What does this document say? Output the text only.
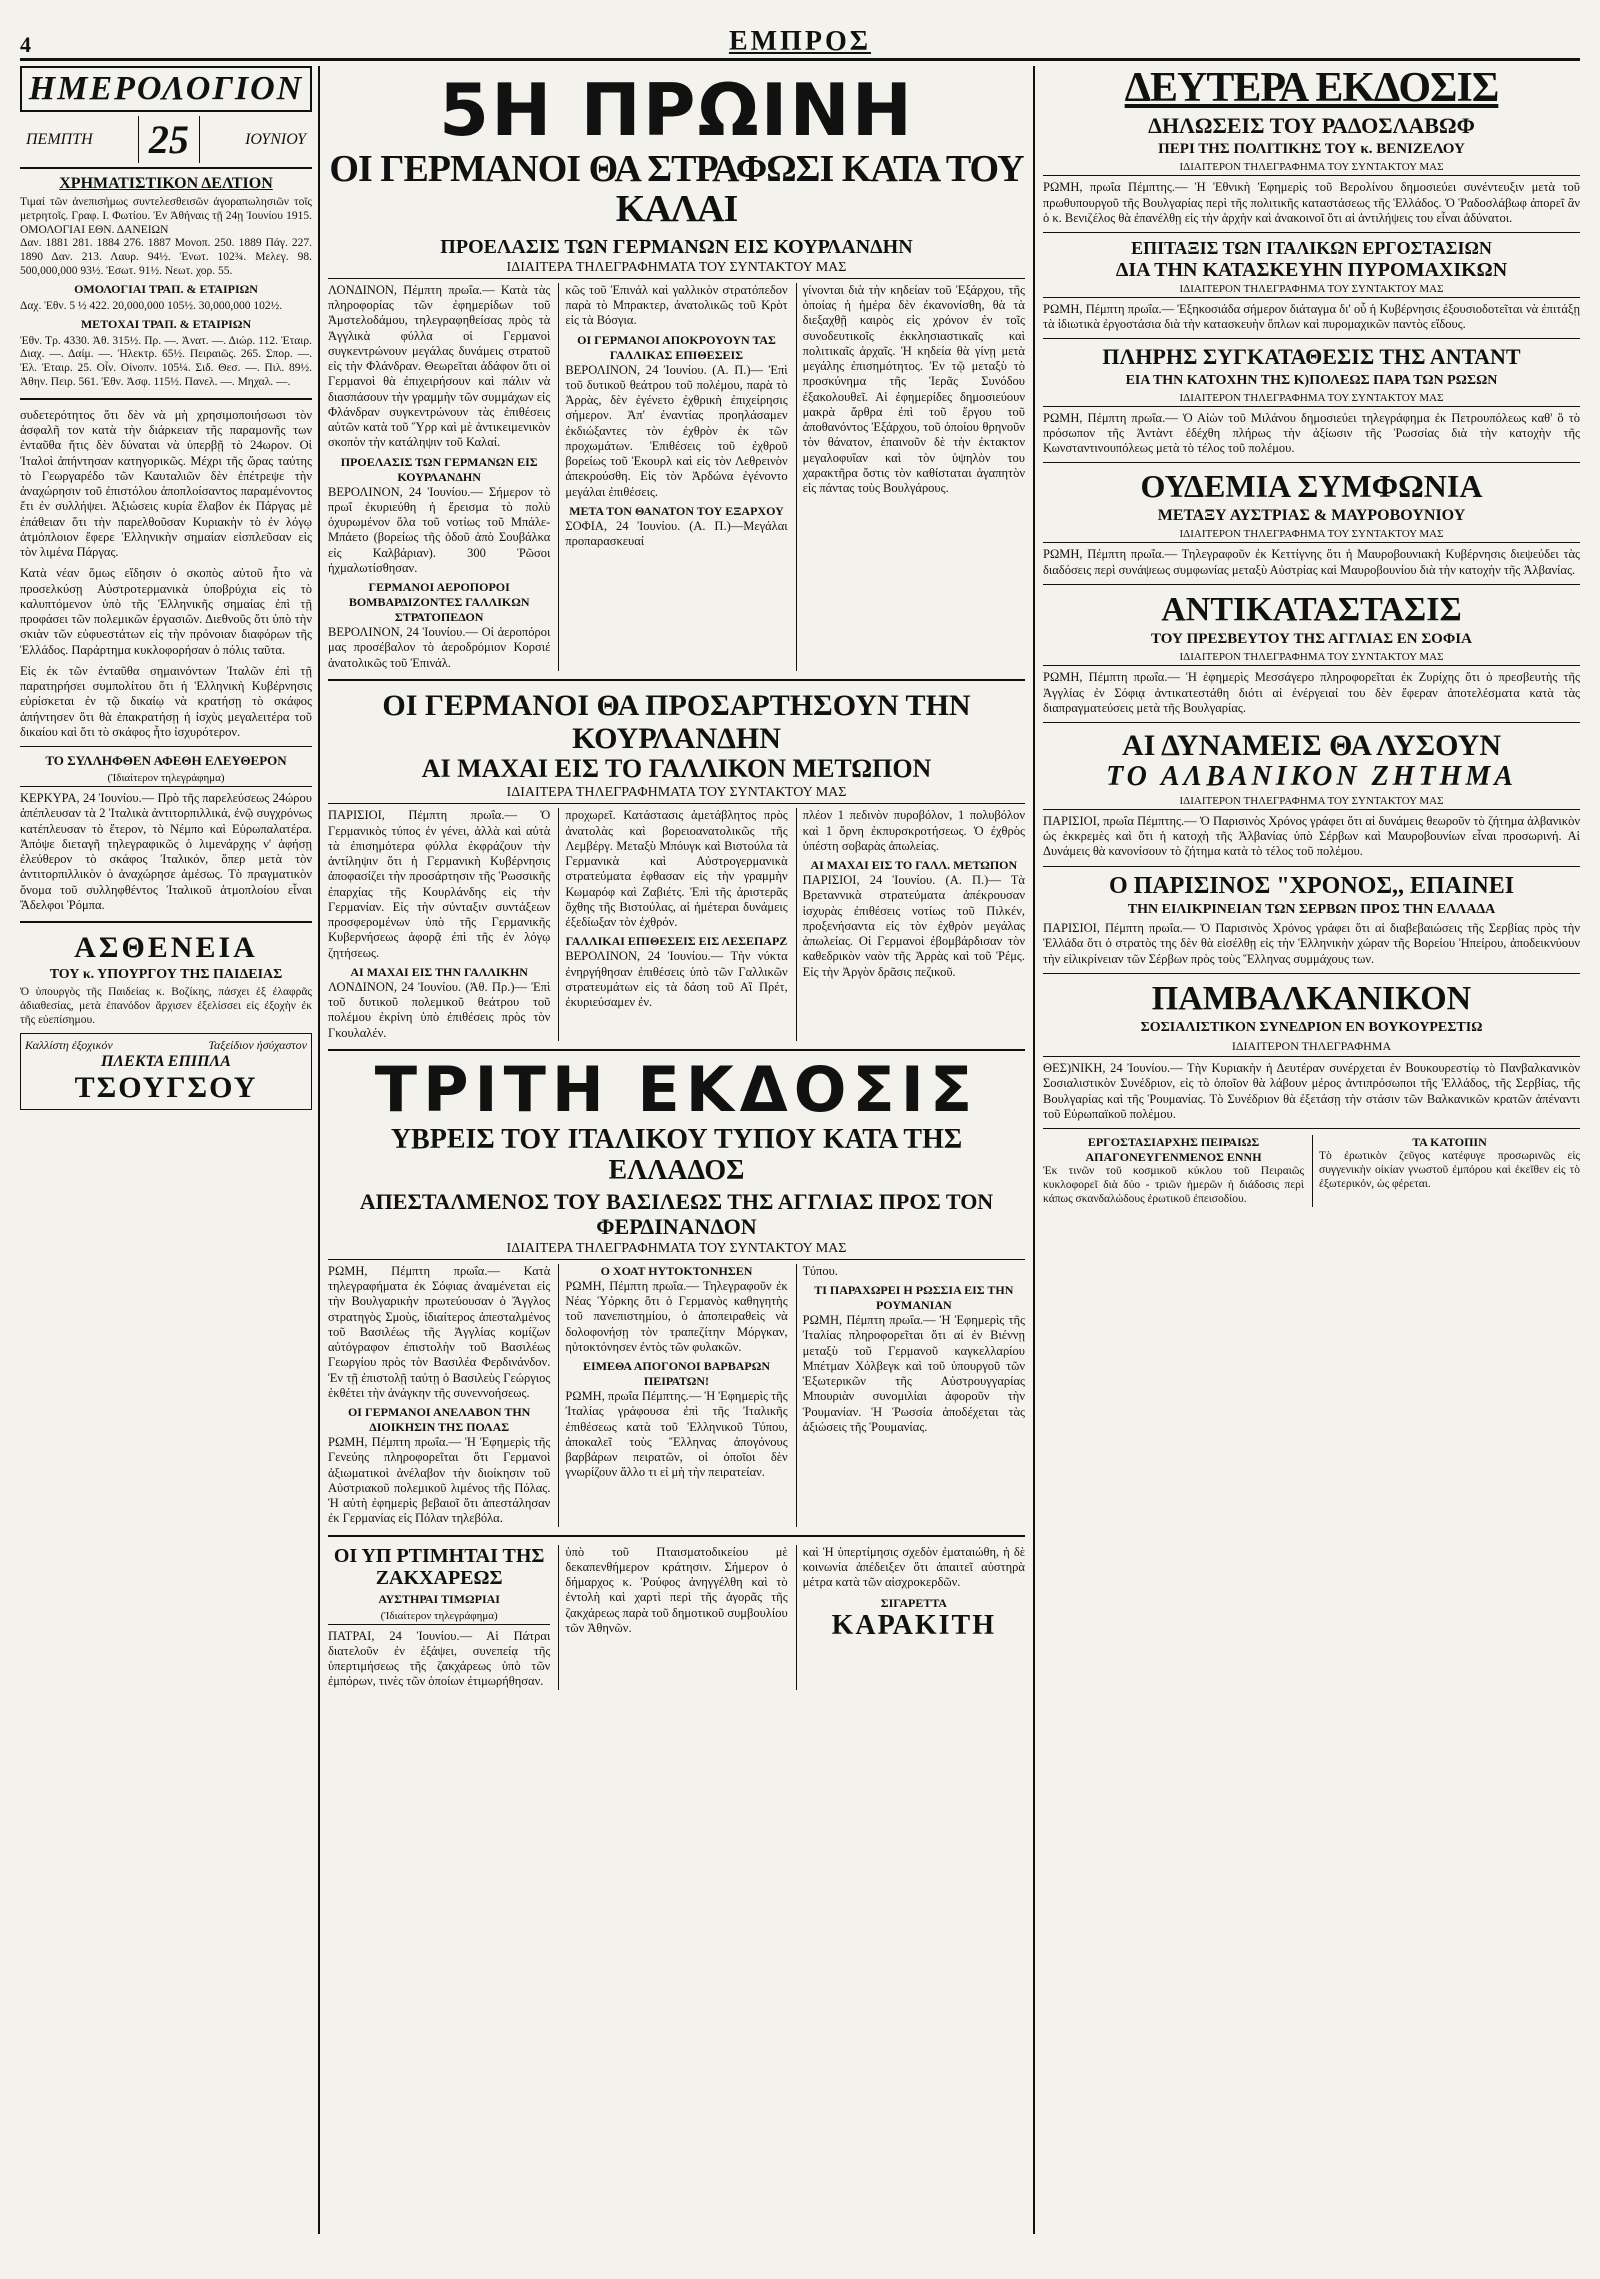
4	ΕΜΠΡΟΣ
ΗΜΕΡΟΛΟΓΙΟΝ
ΠΕΜΠΤΗ 25	ΙΟΥΝΙΟΥ
ΧΡΗΜΑΤΙΣΤΙΚΟΝ ΔΕΛΤΙΟΝ
Τιμαί τῶν ἀνεπισήμως συντελεσθεισῶν ἀγοραπωλησιῶν τοῖς μετρητοῖς. Γραφ. Ι. Φωτίου. Ἐν Ἀθήναις τῇ 24ῃ Ἰουνίου 1915. ΟΜΟΛΟΓΙΑΙ ΕΘΝ. ΔΑΝΕΙΩΝ
Δαν. 1881 281. 1884 276. 1887 Μονοπ. 250. 1889 Πάγ. 227. 1890 Δαν. 213. Λαυρ. 94½. Ἑνωτ. 102¾. Μελεγ. 98. 500,000,000 93½. Ἐσωτ. 91½. Νεωτ. χορ. 55.
ΟΜΟΛΟΓΙΑΙ ΤΡΑΠ. & ΕΤΑΙΡΙΩΝ
Δαχ. Ἐθν. 5 ½ 422. 20,000,000 105½. 30,000,000 102½.
ΜΕΤΟΧΑΙ ΤΡΑΠ. & ΕΤΑΙΡΙΩΝ
Ἐθν. Τρ. 4330. Ἀθ. 315½. Πρ. —. Ἀνατ. —. Διώρ. 112. Ἐταιρ. Διαχ. —. Δαίμ. —. Ἠλεκτρ. 65½. Πειραιῶς. 265. Σπορ. —. Ἐλ. Ἐταιρ. 25. Οἶν. Οἰνοπν. 105¼. Σιδ. Θεσ. —. Πιλ. 89½. Ἀθην. Πειρ. 561. Ἐθν. Ἀσφ. 115½. Πανελ. —. Μηχαλ. —.
συδετερότητος ὅτι δὲν νὰ μὴ χρησιμοποιήσωσι τὸν ἀσφαλῆ τον κατὰ τὴν διάρκειαν τῆς παραμονῆς των ἐνταῦθα ἥτις δὲν δύναται νὰ ὑπερβῇ τὸ 24ωρον. Οἱ Ἰταλοὶ ἀπήντησαν κατηγορικῶς. Μέχρι τῆς ὥρας ταύτης τὸ Γεωργαρέδο τῶν Καυταλιῶν δὲν ἐπέτρεψε τὴν ἀναχώρησιν τοῦ ἐπιστόλου ἀποπλοίσαντος παραμένοντος ἔτι ἐν συλλήψει. Ἀξιώσεις κυρία ἔλαβον ἐκ Πάργας μὲ ἐπάθειαν ὅτι τὴν παρελθοῦσαν Κυριακὴν τὸ ἐν λόγῳ ἀτμόπλοιον ἔφερε Ἑλληνικὴν σημαίαν εἰσπλεῦσαν εἰς τὸν λιμένα Πάργας.
Κατὰ νέαν ὅμως εἴδησιν ὁ σκοπὸς αὐτοῦ ἦτο νὰ προσελκύσῃ Αὐστροτερμανικὰ ὑποβρύχια εἰς τὸ καλυπτόμενον ὑπὸ τῆς Ἑλληνικῆς σημαίας ἐπὶ τῇ προφάσει τῶν πολεμικῶν ἐργασιῶν. Διεθνοῦς ὅτι ὑπὸ τὴν σκιὰν τῶν εὐφυεστάτων εἰς τὴν πρόνοιαν διαφόρων τῆς Ἑλλάδος. Παράρτημα κυκλοφορήσαν ὁ πόλις ταῦτα.
Εἰς ἐκ τῶν ἐνταῦθα σημαινόντων Ἰταλῶν ἐπὶ τῇ παρατηρήσει συμπολίτου ὅτι ἡ Ἑλληνικὴ Κυβέρνησις εὑρίσκεται ἐν τῷ δικαίῳ νὰ κρατήσῃ τὸ σκάφος ἀπήντησεν ὅτι θὰ ἐπακρατήσῃ ἡ ἰσχὺς μεγαλειτέρα τοῦ δικαίου καὶ ὅτι τὸ σκάφος ἦτο ἰσχυρότερον.
ΤΟ ΣΥΛΛΗΦΘΕΝ ΑΦΕΘΗ ΕΛΕΥΘΕΡΟΝ
(Ἰδιαίτερον τηλεγράφημα)
ΚΕΡΚΥΡΑ, 24 Ἰουνίου.— Πρὸ τῆς παρελεύσεως 24ώρου ἀπέπλευσαν τὰ 2 Ἰταλικὰ ἀντιτορπιλλικά, ἐνῷ συγχρόνως κατέπλευσαν τὸ ἕτερον, τὸ Νέμπο καὶ Εὐρωπαλατέρα. Ἀπόψε διεταγῆ τηλεγραφικῶς ὁ λιμενάρχης ν' ἀφήσῃ ἐλεύθερον τὸ σκάφος Ἰταλικόν, ὅπερ μετὰ τὸν ἀντιτορπιλλικὸν ὁ ἀναχώρησε ἀμέσως. Τὸ πραγματικὸν ὄνομα τοῦ συλληφθέντος Ἰταλικοῦ ἀτμοπλοίου εἶναι Ἄδελφοι Ῥόμπα.
ΑΣΘΕΝΕΙΑ
ΤΟΥ κ. ΥΠΟΥΡΓΟΥ ΤΗΣ ΠΑΙΔΕΙΑΣ
Ὁ ὑπουργὸς τῆς Παιδείας κ. Βοζίκης, πάσχει ἐξ ἐλαφρᾶς ἀδιαθεσίας, μετὰ ἐπανόδον ἄρχισεν ἐξελίσσει εἰς ἐξοχὴν ἐκ τῆς εὐεπίσημου.
Καλλίστη ἐξοχικόν	Ταξείδιον ἡσύχαστον
ΠΛΕΚΤΑ ΕΠΙΠΛΑ
ΤΣΟΥΓΣΟΥ
5Η ΠΡΩΙΝΗ
ΟΙ ΓΕΡΜΑΝΟΙ ΘΑ ΣΤΡΑΦΩΣΙ ΚΑΤΑ ΤΟΥ ΚΑΛΑΙ
ΠΡΟΕΛΑΣΙΣ ΤΩΝ ΓΕΡΜΑΝΩΝ ΕΙΣ ΚΟΥΡΛΑΝΔΗΝ
ΙΔΙΑΙΤΕΡΑ ΤΗΛΕΓΡΑΦΗΜΑΤΑ ΤΟΥ ΣΥΝΤΑΚΤΟΥ ΜΑΣ
ΛΟΝΔΙΝΟΝ, Πέμπτη πρωΐα.— Κατὰ τὰς πληροφορίας τῶν ἐφημερίδων τοῦ Ἀμστελοδάμου, τηλεγραφηθείσας πρὸς τὰ Ἀγγλικὰ φύλλα οἱ Γερμανοὶ συγκεντρώνουν μεγάλας δυνάμεις στρατοῦ εἰς τὴν Φλάνδραν. Θεωρεῖται ἀδάφον ὅτι οἱ Γερμανοὶ θὰ ἐπιχειρήσουν καὶ πάλιν νὰ διασπάσουν τὴν γραμμὴν τῶν συμμάχων εἰς Φλάνδραν συγκεντρώνουν τὰς ἐπιθέσεις αὐτῶν κατὰ τοῦ Ὕρρ καὶ μὲ ἀντικειμενικὸν σκοπὸν τὴν κατάληψιν τοῦ Καλαί.
ΠΡΟΕΛΑΣΙΣ ΤΩΝ ΓΕΡΜΑΝΩΝ ΕΙΣ ΚΟΥΡΛΑΝΔΗΝ
ΒΕΡΟΛΙΝΟΝ, 24 Ἰουνίου.— Σήμερον τὸ πρωΐ ἐκυριεύθη ἡ ἔρεισμα τὸ πολὺ ὀχυρωμένον ὅλα τοῦ νοτίως τοῦ Μπάλε-Μπάετο (βορείως τῆς ὁδοῦ ἀπὸ Σουβάλκα εἰς Καλβάριαν). 300 Ῥῶσοι ἠχμαλωτίσθησαν.
ΓΕΡΜΑΝΟΙ ΑΕΡΟΠΟΡΟΙ ΒΟΜΒΑΡΔΙΖΟΝΤΕΣ ΓΑΛΛΙΚΩΝ ΣΤΡΑΤΟΠΕΔΟΝ
ΒΕΡΟΛΙΝΟΝ, 24 Ἰουνίου.— Οἱ ἀεροπόροι μας προσέβαλον τὸ ἀεροδρόμιον Κορσιέ ἀνατολικῶς τοῦ Ἐπινάλ.
κῶς τοῦ Ἐπινάλ καὶ γαλλικὸν στρατόπεδον παρὰ τὸ Μπρακτερ, ἀνατολικῶς τοῦ Κρὸτ εἰς τὰ Βόσγια.
ΟΙ ΓΕΡΜΑΝΟΙ ΑΠΟΚΡΟΥΟΥΝ ΤΑΣ ΓΑΛΛΙΚΑΣ ΕΠΙΘΕΣΕΙΣ
ΒΕΡΟΛΙΝΟΝ, 24 Ἰουνίου. (Α. Π.)— Ἐπὶ τοῦ δυτικοῦ θεάτρου τοῦ πολέμου, παρὰ τὸ Ἀρρὰς, δὲν ἐγένετο ἐχθρικὴ ἐπιχείρησις σήμερον. Ἀπ' ἐναντίας προηλάσαμεν ἐκδιώξαντες τὸν ἐχθρὸν ἐκ τῶν προχωμάτων. Ἐπιθέσεις τοῦ ἐχθροῦ βορείως τοῦ Ἐκουρλ καὶ εἰς τὸν Λεθρεινὸν ἀπεκρούσθη. Εἰς τὸν Ἀρδώνα ἐγένοντο μεγάλαι ἐπιθέσεις.
ΜΕΤΑ ΤΟΝ ΘΑΝΑΤΟΝ ΤΟΥ ΕΞΑΡΧΟΥ
ΣΟΦΙΑ, 24 Ἰουνίου. (Α. Π.)—Μεγάλαι προπαρασκευαί
γίνονται διὰ τὴν κηδείαν τοῦ Ἐξάρχου, τῆς ὁποίας ἡ ἡμέρα δὲν ἐκανονίσθη, θὰ τὰ διεξαχθῇ καιρὸς εἰς χρόνον ἐν τοῖς συνοδευτικοῖς ἐκκλησιαστικαῖς καὶ πολιτικαῖς ἀρχαῖς. Ἡ κηδεία θὰ γίνῃ μετὰ μεγάλης ἐπισημότητος. Ἐν τῷ μεταξὺ τὸ προσκύνημα τῆς Ἱερᾶς Συνόδου ἐξακολουθεῖ. Αἱ ἐφημερίδες δημοσιεύουν μακρὰ ἄρθρα ἐπὶ τοῦ ἔργου τοῦ ἀποθανόντος Ἐξάρχου, τοῦ ὁποίου θρηνοῦν τὸν θάνατον, ἐπαινοῦν δὲ τὴν ἐκτακτον μεγαλοφυΐαν καὶ τὸν ὑψηλὸν του χαρακτῆρα ὅστις τὸν καθίσταται ἀγαπητὸν εἰς πάντας τοὺς Βουλγάρους.
ΟΙ ΓΕΡΜΑΝΟΙ ΘΑ ΠΡΟΣΑΡΤΗΣΟΥΝ ΤΗΝ ΚΟΥΡΛΑΝΔΗΝ
ΑΙ ΜΑΧΑΙ ΕΙΣ ΤΟ ΓΑΛΛΙΚΟΝ ΜΕΤΩΠΟΝ
ΙΔΙΑΙΤΕΡΑ ΤΗΛΕΓΡΑΦΗΜΑΤΑ ΤΟΥ ΣΥΝΤΑΚΤΟΥ ΜΑΣ
ΠΑΡΙΣΙΟΙ, Πέμπτη πρωΐα.— Ὁ Γερμανικὸς τύπος ἐν γένει, ἀλλὰ καὶ αὐτὰ τὰ ἐπισημότερα φύλλα ἐκφράζουν τὴν ἀντίληψιν ὅτι ἡ Γερμανικὴ Κυβέρνησις ἀποφασίζει τὴν προσάρτησιν τῆς Ῥωσσικῆς ἐπαρχίας τῆς Κουρλάνδης εἰς τὴν Γερμανίαν. Εἰς τὴν σύνταξιν συντάξεων προσφερομένων ὑπὸ τῆς Γερμανικῆς Κυβερνήσεως ἀφορᾷ ἐπὶ τῆς ἐν λόγῳ ζητήσεως.
ΑΙ ΜΑΧΑΙ ΕΙΣ ΤΗΝ ΓΑΛΛΙΚΗΝ
ΛΟΝΔΙΝΟΝ, 24 Ἰουνίου. (Ἀθ. Πρ.)— Ἐπὶ τοῦ δυτικοῦ πολεμικοῦ θεάτρου τοῦ πολέμου ἐκρίνη ὑπὸ ἐπιθέσεις πρὸς τὸν Γκουλαλέν.
προχωρεῖ. Κατάστασις ἀμετάβλητος πρὸς ἀνατολὰς καὶ βορειοανατολικῶς τῆς Λεμβέργ. Μεταξὺ Μπόυγκ καὶ Βιστούλα τὰ Γερμανικὰ καὶ Αὐστρογερμανικὰ στρατεύματα ἐφθασαν εἰς τὴν γραμμὴν Κωμαρόφ καὶ Ζαβιέτς. Ἐπὶ τῆς ἀριστερᾶς ὄχθης τῆς Βιστούλας, αἱ ἡμέτεραι δυνάμεις ἐξεδίωξαν τὸν ἐχθρόν.
ΓΑΛΛΙΚΑΙ ΕΠΙΘΕΣΕΙΣ ΕΙΣ ΛΕΣΕΠΑΡΖ
ΒΕΡΟΛΙΝΟΝ, 24 Ἰουνίου.— Τὴν νύκτα ἐνηργήθησαν ἐπιθέσεις ὑπὸ τῶν Γαλλικῶν στρατευμάτων εἰς τὰ δάση τοῦ Αἲ Πρέτ, ἐκυριεύσαμεν ἐν.
πλέον 1 πεδινὸν πυροβόλον, 1 πολυβόλον καὶ 1 ὄρνη ἐκπυρσκροτήσεως. Ὁ ἐχθρὸς ὑπέστη σοβαρὰς ἀπωλείας.
ΑΙ ΜΑΧΑΙ ΕΙΣ ΤΟ ΓΑΛΛ. ΜΕΤΩΠΟΝ
ΠΑΡΙΣΙΟΙ, 24 Ἰουνίου. (Α. Π.)— Τὰ Βρεταννικὰ στρατεύματα ἀπέκρουσαν ἰσχυρὰς ἐπιθέσεις νοτίως τοῦ Πιλκέν, προξενήσαντα εἰς τὸν ἐχθρὸν μεγάλας ἀπωλείας. Οἱ Γερμανοὶ ἐβομβάρδισαν τὸν καθεδρικὸν ναὸν τῆς Ἀρρὰς καὶ τοῦ Ῥέμς. Εἰς τὴν Ἀργὸν δρᾶσις πεζικοῦ.
ΤΡΙΤΗ ΕΚΔΟΣΙΣ
ΥΒΡΕΙΣ ΤΟΥ ΙΤΑΛΙΚΟΥ ΤΥΠΟΥ ΚΑΤΑ ΤΗΣ ΕΛΛΑΔΟΣ
ΑΠΕΣΤΑΛΜΕΝΟΣ ΤΟΥ ΒΑΣΙΛΕΩΣ ΤΗΣ ΑΓΓΛΙΑΣ ΠΡΟΣ ΤΟΝ ΦΕΡΔΙΝΑΝΔΟΝ
ΙΔΙΑΙΤΕΡΑ ΤΗΛΕΓΡΑΦΗΜΑΤΑ ΤΟΥ ΣΥΝΤΑΚΤΟΥ ΜΑΣ
ΡΩΜΗ, Πέμπτη πρωΐα.— Κατὰ τηλεγραφήματα ἐκ Σόφιας ἀναμένεται εἰς τὴν Βουλγαρικὴν πρωτεύουσαν ὁ Ἄγγλος στρατηγὸς Σμοὺς, ἰδιαίτερος ἀπεσταλμένος τοῦ Βασιλέως τῆς Ἀγγλίας κομίζων αὐτόγραφον ἐπιστολὴν τοῦ Βασιλέως Γεωργίου πρὸς τὸν Βασιλέα Φερδινάνδον. Ἐν τῇ ἐπιστολῇ ταύτῃ ὁ Βασιλεὺς Γεώργιος ἐκθέτει τὴν ἀνάγκην τῆς συνεννοήσεως.
ΟΙ ΓΕΡΜΑΝΟΙ ΑΝΕΛΑΒΟΝ ΤΗΝ ΔΙΟΙΚΗΣΙΝ ΤΗΣ ΠΟΛΑΣ
ΡΩΜΗ, Πέμπτη πρωΐα.— Ἡ Ἐφημερὶς τῆς Γενεύης πληροφορεῖται ὅτι Γερμανοὶ ἀξιωματικοὶ ἀνέλαβον τὴν διοίκησιν τοῦ Αὐστριακοῦ πολεμικοῦ λιμένος τῆς Πόλας. Ἡ αὐτὴ ἐφημερὶς βεβαιοῖ ὅτι ἀπεστάλησαν ἐκ Γερμανίας εἰς Πόλαν τηλεβόλα.
Ο ΧΟΑΤ ΗΥΤΟΚΤΟΝΗΣΕΝ
ΡΩΜΗ, Πέμπτη πρωΐα.— Τηλεγραφοῦν ἐκ Νέας Ὑόρκης ὅτι ὁ Γερμανὸς καθηγητὴς τοῦ πανεπιστημίου, ὁ ἀποπειραθεὶς νὰ δολοφονήσῃ τὸν τραπεζίτην Μόργκαν, ηὐτοκτόνησεν ἐντὸς τῶν φυλακῶν.
ΕΙΜΕΘΑ ΑΠΟΓΟΝΟΙ ΒΑΡΒΑΡΩΝ ΠΕΙΡΑΤΩΝ!
ΡΩΜΗ, πρωΐα Πέμπτης.— Ἡ Ἐφημερὶς τῆς Ἰταλίας γράφουσα ἐπὶ τῆς Ἰταλικῆς ἐπιθέσεως κατὰ τοῦ Ἑλληνικοῦ Τύπου, ἀποκαλεῖ τοὺς Ἕλληνας ἀπογόνους βαρβάρων πειρατῶν, οἱ ὁποῖοι δὲν γνωρίζουν ἄλλο τι εἰ μὴ τὴν πειρατείαν.
Τύπου.
ΤΙ ΠΑΡΑΧΩΡΕΙ Η ΡΩΣΣΙΑ ΕΙΣ ΤΗΝ ΡΟΥΜΑΝΙΑΝ
ΡΩΜΗ, Πέμπτη πρωΐα.— Ἡ Ἐφημερὶς τῆς Ἰταλίας πληροφορεῖται ὅτι αἱ ἐν Βιέννῃ μεταξὺ τοῦ Γερμανοῦ καγκελλαρίου Μπέτμαν Χόλβεγκ καὶ τοῦ ὑπουργοῦ τῶν Ἐξωτερικῶν τῆς Αὐστρουγγαρίας Μπουριὰν συνομιλίαι ἀφοροῦν τὴν Ῥουμανίαν. Ἡ Ῥωσσία ἀποδέχεται τὰς ἀξιώσεις τῆς Ῥουμανίας.
ΟΙ ΥΠ ΡΤΙΜΗΤΑΙ ΤΗΣ ΖΑΚΧΑΡΕΩΣ
ΑΥΣΤΗΡΑΙ ΤΙΜΩΡΙΑΙ
(Ἰδιαίτερον τηλεγράφημα)
ΠΑΤΡΑΙ, 24 Ἰουνίου.— Αἱ Πάτραι διατελοῦν ἐν ἐξάψει, συνεπείᾳ τῆς ὑπερτιμήσεως τῆς ζακχάρεως ὑπὸ τῶν ἐμπόρων, τινὲς τῶν ὁποίων ἐτιμωρήθησαν.
ὑπὸ τοῦ Πταισματοδικείου μὲ δεκαπενθήμερον κράτησιν. Σήμερον ὁ δήμαρχος κ. Ῥούφος ἀνηγγέλθη καὶ τὸ ἐντολὴ καὶ χαρτὶ περὶ τῆς ἀγορᾶς τῆς ζακχάρεως παρὰ τοῦ δημοτικοῦ συμβουλίου τῶν Ἀθηνῶν.
καὶ Ἡ ὑπερτίμησις σχεδὸν ἐματαιώθη, ἡ δὲ κοινωνία ἀπέδειξεν ὅτι ἀπαιτεῖ αὐστηρὰ μέτρα κατὰ τῶν αἰσχροκερδῶν.
ΣΙΓΑΡΕΤΤΑ
ΚΑΡΑΚΙΤΗ
ΔΕΥΤΕΡΑ ΕΚΔΟΣΙΣ
ΔΗΛΩΣΕΙΣ ΤΟΥ ΡΑΔΟΣΛΑΒΩΦ
ΠΕΡΙ ΤΗΣ ΠΟΛΙΤΙΚΗΣ ΤΟΥ κ. ΒΕΝΙΖΕΛΟΥ
ΙΔΙΑΙΤΕΡΟΝ ΤΗΛΕΓΡΑΦΗΜΑ ΤΟΥ ΣΥΝΤΑΚΤΟΥ ΜΑΣ
ΡΩΜΗ, πρωΐα Πέμπτης.— Ἡ Ἐθνικὴ Ἐφημερὶς τοῦ Βερολίνου δημοσιεύει συνέντευξιν μετὰ τοῦ πρωθυπουργοῦ τῆς Βουλγαρίας περὶ τῆς πολιτικῆς καταστάσεως τῆς Ἑλλάδος. Ὁ Ῥαδοσλάβωφ ἀπορεῖ ἂν ὁ κ. Βενιζέλος θὰ ἐπανέλθῃ εἰς τὴν ἀρχὴν καὶ ἀνακοινοῖ ὅτι αἱ ἀντιλήψεις του εἶναι ἀδύνατοι.
ΕΠΙΤΑΞΙΣ ΤΩΝ ΙΤΑΛΙΚΩΝ ΕΡΓΟΣΤΑΣΙΩΝ
ΔΙΑ ΤΗΝ ΚΑΤΑΣΚΕΥΗΝ ΠΥΡΟΜΑΧΙΚΩΝ
ΙΔΙΑΙΤΕΡΟΝ ΤΗΛΕΓΡΑΦΗΜΑ ΤΟΥ ΣΥΝΤΑΚΤΟΥ ΜΑΣ
ΡΩΜΗ, Πέμπτη πρωΐα.— Ἐξηκοσιάδα σήμερον διάταγμα δι' οὗ ἡ Κυβέρνησις ἐξουσιοδοτεῖται νὰ ἐπιτάξῃ τὰ ἰδιωτικὰ ἐργοστάσια διὰ τὴν κατασκευὴν ὅπλων καὶ πυρομαχικῶν παντὸς εἴδους.
ΠΛΗΡΗΣ ΣΥΓΚΑΤΑΘΕΣΙΣ ΤΗΣ ΑΝΤΑΝΤ
ΕΙΑ ΤΗΝ ΚΑΤΟΧΗΝ ΤΗΣ Κ)ΠΟΛΕΩΣ ΠΑΡΑ ΤΩΝ ΡΩΣΩΝ
ΙΔΙΑΙΤΕΡΟΝ ΤΗΛΕΓΡΑΦΗΜΑ ΤΟΥ ΣΥΝΤΑΚΤΟΥ ΜΑΣ
ΡΩΜΗ, Πέμπτη πρωΐα.— Ὁ Αἰὼν τοῦ Μιλάνου δημοσιεύει τηλεγράφημα ἐκ Πετρουπόλεως καθ' ὃ τὸ πρόσωπον τῆς Ἀντὰντ ἐδέχθη πλήρως τὴν ἀξίωσιν τῆς Ῥωσσίας διὰ τὴν κατοχὴν τῆς Κωνσταντινουπόλεως μετὰ τὸ τέλος τοῦ πολέμου.
ΟΥΔΕΜΙΑ ΣΥΜΦΩΝΙΑ
ΜΕΤΑΞΥ ΑΥΣΤΡΙΑΣ & ΜΑΥΡΟΒΟΥΝΙΟΥ
ΙΔΙΑΙΤΕΡΟΝ ΤΗΛΕΓΡΑΦΗΜΑ ΤΟΥ ΣΥΝΤΑΚΤΟΥ ΜΑΣ
ΡΩΜΗ, Πέμπτη πρωΐα.— Τηλεγραφοῦν ἐκ Κεττίγνης ὅτι ἡ Μαυροβουνιακὴ Κυβέρνησις διεψεύδει τὰς διαδόσεις περὶ συνάψεως συμφωνίας μεταξὺ Αὐστρίας καὶ Μαυροβουνίου διὰ τὴν κατοχὴν τῆς Ἀλβανίας.
ΑΝΤΙΚΑΤΑΣΤΑΣΙΣ
ΤΟΥ ΠΡΕΣΒΕΥΤΟΥ ΤΗΣ ΑΓΓΛΙΑΣ ΕΝ ΣΟΦΙΑ
ΙΔΙΑΙΤΕΡΟΝ ΤΗΛΕΓΡΑΦΗΜΑ ΤΟΥ ΣΥΝΤΑΚΤΟΥ ΜΑΣ
ΡΩΜΗ, Πέμπτη πρωΐα.— Ἡ ἐφημερὶς Μεσσάγερο πληροφορεῖται ἐκ Ζυρίχης ὅτι ὁ πρεσβευτὴς τῆς Ἀγγλίας ἐν Σόφιᾳ ἀντικατεστάθη διότι αἱ ἐνέργειαί του δὲν ἔφεραν ἀποτελέσματα κατὰ τὰς διαπραγματεύσεις μετὰ τῆς Βουλγαρίας.
ΑΙ ΔΥΝΑΜΕΙΣ ΘΑ ΛΥΣΟΥΝ
ΤΟ ΑΛΒΑΝΙΚΟΝ ΖΗΤΗΜΑ
ΙΔΙΑΙΤΕΡΟΝ ΤΗΛΕΓΡΑΦΗΜΑ ΤΟΥ ΣΥΝΤΑΚΤΟΥ ΜΑΣ
ΠΑΡΙΣΙΟΙ, πρωΐα Πέμπτης.— Ὁ Παρισινὸς Χρόνος γράφει ὅτι αἱ δυνάμεις θεωροῦν τὸ ζήτημα ἀλβανικὸν ὡς ἐκκρεμὲς καὶ ὅτι ἡ κατοχὴ τῆς Ἀλβανίας ὑπὸ Σέρβων καὶ Μαυροβουνίων εἶναι προσωρινή. Αἱ Δυνάμεις θὰ κανονίσουν τὸ ζήτημα κατὰ τὸ τέλος τοῦ πολέμου.
Ο ΠΑΡΙΣΙΝΟΣ "ΧΡΟΝΟΣ,, ΕΠΑΙΝΕΙ
ΤΗΝ ΕΙΛΙΚΡΙΝΕΙΑΝ ΤΩΝ ΣΕΡΒΩΝ ΠΡΟΣ ΤΗΝ ΕΛΛΑΔΑ
ΠΑΡΙΣΙΟΙ, Πέμπτη πρωΐα.— Ὁ Παρισινὸς Χρόνος γράφει ὅτι αἱ διαβεβαιώσεις τῆς Σερβίας πρὸς τὴν Ἑλλάδα ὅτι ὁ στρατὸς της δὲν θὰ εἰσέλθῃ εἰς τὴν Ἑλληνικὴν χώραν τῆς Βορείου Ἠπείρου, ἀποδεικνύουν τὴν εἰλικρίνειαν τῶν Σέρβων πρὸς τοὺς Ἕλληνας συμμάχους των.
ΠΑΜΒΑΛΚΑΝΙΚΟΝ
ΣΟΣΙΑΛΙΣΤΙΚΟΝ ΣΥΝΕΔΡΙΟΝ ΕΝ ΒΟΥΚΟΥΡΕΣΤΙΩ
ΙΔΙΑΙΤΕΡΟΝ ΤΗΛΕΓΡΑΦΗΜΑ
ΘΕΣ)ΝΙΚΗ, 24 Ἰουνίου.— Τὴν Κυριακὴν ἡ Δευτέραν συνέρχεται ἐν Βουκουρεστίῳ τὸ Πανβαλκανικὸν Σοσιαλιστικὸν Συνέδριον, εἰς τὸ ὁποῖον θὰ λάβουν μέρος ἀντιπρόσωποι τῆς Ἑλλάδος, τῆς Σερβίας, τῆς Βουλγαρίας καὶ τῆς Ῥουμανίας. Τὸ Συνέδριον θὰ ἐξετάσῃ τὴν στάσιν τῶν Βαλκανικῶν κρατῶν ἀπέναντι τοῦ Εὐρωπαϊκοῦ πολέμου.
ΕΡΓΟΣΤΑΣΙΑΡΧΗΣ ΠΕΙΡΑΙΩΣ ΑΠΑΓΟΝΕΥΓΕΝΜΕΝΟΣ ΕΝΝΗ
Ἐκ τινῶν τοῦ κοσμικοῦ κύκλου τοῦ Πειραιῶς κυκλοφορεῖ διὰ δύο - τριῶν ἡμερῶν ἡ διάδοσις περὶ κάπως σκανδαλώδους ἐρωτικοῦ ἐπεισοδίου.
ΤΑ ΚΑΤΟΠΙΝ
Τὸ ἐρωτικὸν ζεῦγος κατέφυγε προσωρινῶς εἰς συγγενικὴν οἰκίαν γνωστοῦ ἐμπόρου καὶ ἐκεῖθεν εἰς τὸ ἐξωτερικόν, ὡς φέρεται.
